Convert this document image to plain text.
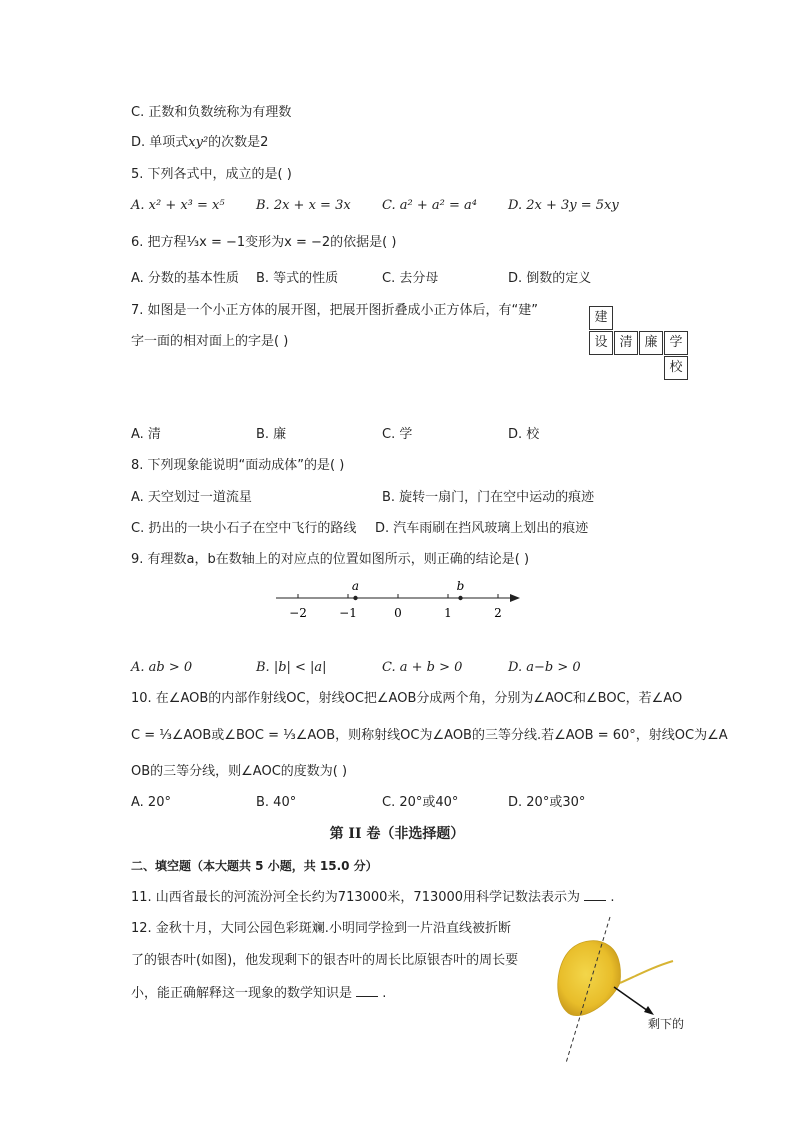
C. 正数和负数统称为有理数
D. 单项式xy²的次数是2
5. 下列各式中，成立的是( )
A. x² + x³ = x⁵ B. 2x + x = 3x C. a² + a² = a⁴ D. 2x + 3y = 5xy
6. 把方程⅓x = −1变形为x = −2的依据是( )
A. 分数的基本性质 B. 等式的性质	C. 去分母	D. 倒数的定义
7. 如图是一个小正方体的展开图，把展开图折叠成小正方体后，有“建”
字一面的相对面上的字是( )
建
设 清 廉 学
校
A. 清	B. 廉	C. 学	D. 校
8. 下列现象能说明“面动成体”的是( )
A. 天空划过一道流星	B. 旋转一扇门，门在空中运动的痕迹
C. 扔出的一块小石子在空中飞行的路线 D. 汽车雨刷在挡风玻璃上划出的痕迹
9. 有理数a，b在数轴上的对应点的位置如图所示，则正确的结论是( )
−2	−1	0	1	2
a	b
A. ab > 0	B. |b| < |a|	C. a + b > 0	D. a−b > 0
10. 在∠AOB的内部作射线OC，射线OC把∠AOB分成两个角，分别为∠AOC和∠BOC，若∠AO
C = ⅓∠AOB或∠BOC = ⅓∠AOB，则称射线OC为∠AOB的三等分线.若∠AOB = 60°，射线OC为∠A
OB的三等分线，则∠AOC的度数为( )
A. 20°	B. 40°	C. 20°或40°	D. 20°或30°
第 II 卷（非选择题）
二、填空题（本大题共 5 小题，共 15.0 分）
11. 山西省最长的河流汾河全长约为713000米，713000用科学记数法表示为 .
12. 金秋十月，大同公园色彩斑斓.小明同学捡到一片沿直线被折断
了的银杏叶(如图)，他发现剩下的银杏叶的周长比原银杏叶的周长要
小，能正确解释这一现象的数学知识是 .
剩下的
